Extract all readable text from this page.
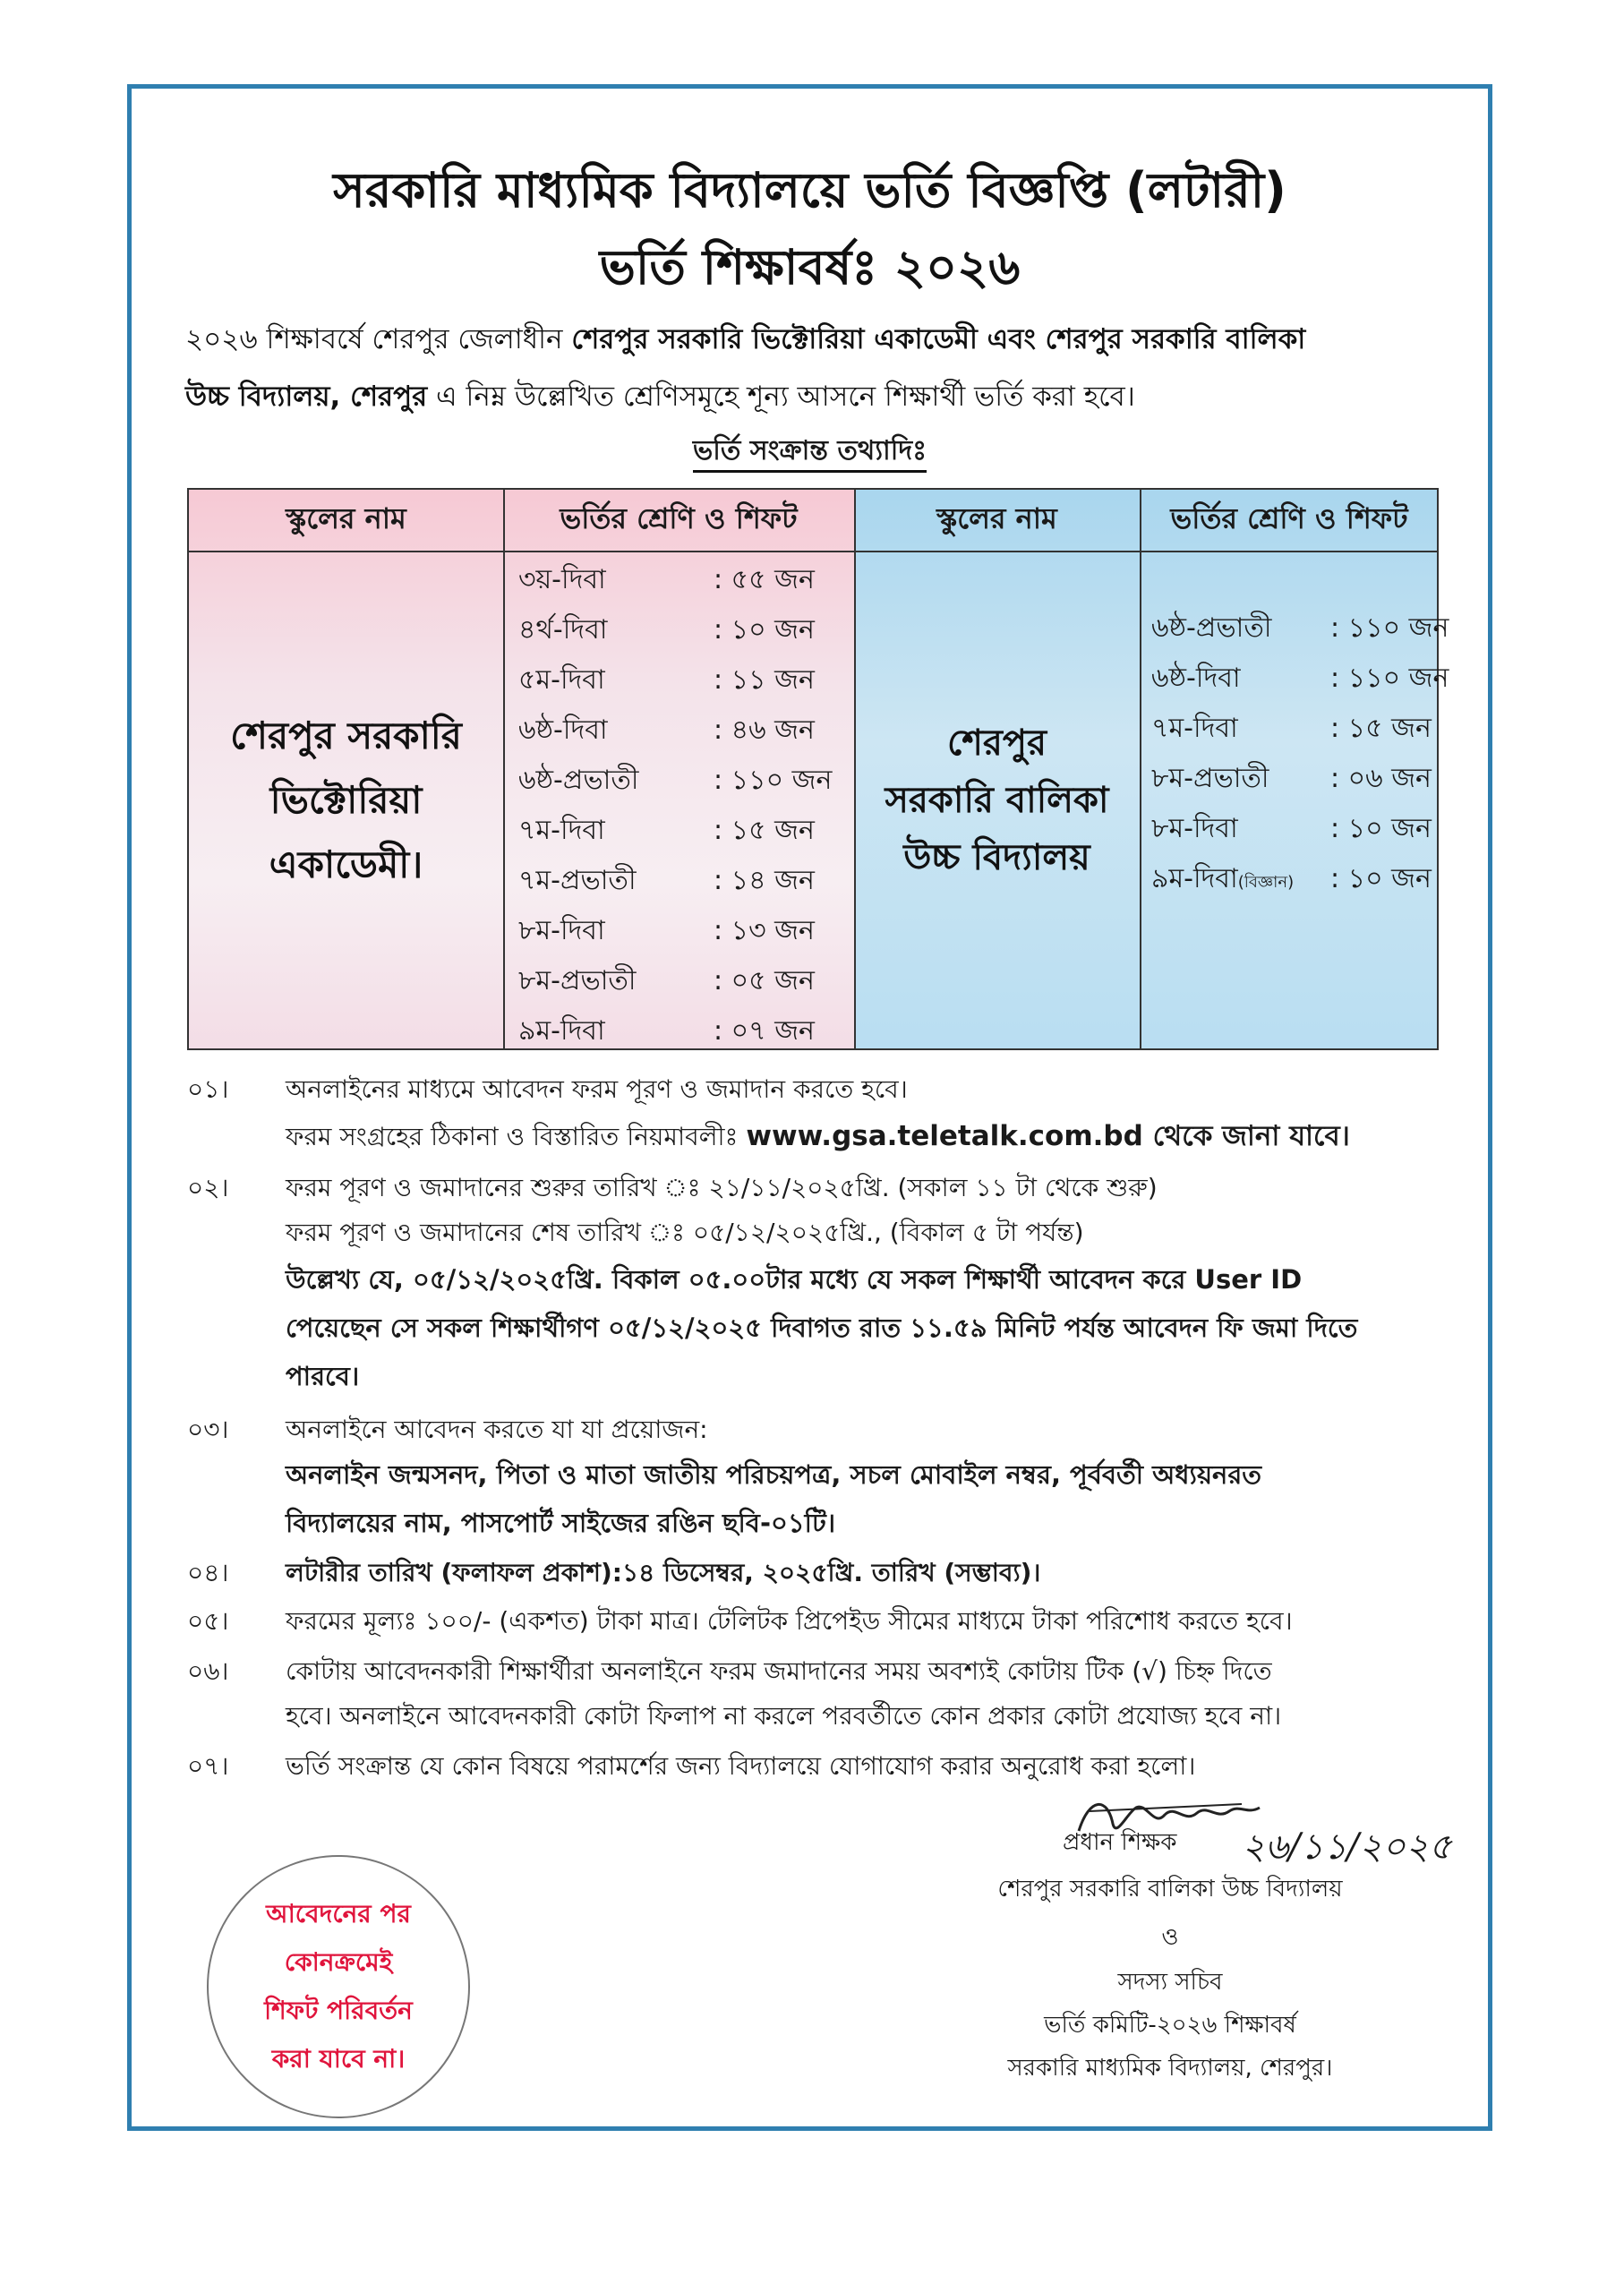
সরকারি মাধ্যমিক বিদ্যালয়ে ভর্তি বিজ্ঞপ্তি (লটারী)
ভর্তি শিক্ষাবর্ষঃ ২০২৬
২০২৬ শিক্ষাবর্ষে শেরপুর জেলাধীন শেরপুর সরকারি ভিক্টোরিয়া একাডেমী এবং শেরপুর সরকারি বালিকা
উচ্চ বিদ্যালয়, শেরপুর এ নিম্ন উল্লেখিত শ্রেণিসমূহে শূন্য আসনে শিক্ষার্থী ভর্তি করা হবে।
ভর্তি সংক্রান্ত তথ্যাদিঃ
স্কুলের নাম	ভর্তির শ্রেণি ও শিফট	স্কুলের নাম	ভর্তির শ্রেণি ও শিফট
শেরপুর সরকারি
ভিক্টোরিয়া
একাডেমী।
৩য়-দিবা	: ৫৫ জন
৪র্থ-দিবা	: ১০ জন
৫ম-দিবা	: ১১ জন
৬ষ্ঠ-দিবা	: ৪৬ জন
৬ষ্ঠ-প্রভাতী	: ১১০ জন
৭ম-দিবা	: ১৫ জন
৭ম-প্রভাতী	: ১৪ জন
৮ম-দিবা	: ১৩ জন
৮ম-প্রভাতী	: ০৫ জন
৯ম-দিবা	: ০৭ জন
শেরপুর
সরকারি বালিকা
উচ্চ বিদ্যালয়
৬ষ্ঠ-প্রভাতী : ১১০ জন
৬ষ্ঠ-দিবা	: ১১০ জন
৭ম-দিবা	: ১৫ জন
৮ম-প্রভাতী : ০৬ জন
৮ম-দিবা	: ১০ জন
৯ম-দিবা(বিজ্ঞান) : ১০ জন
০১। অনলাইনের মাধ্যমে আবেদন ফরম পূরণ ও জমাদান করতে হবে।
ফরম সংগ্রহের ঠিকানা ও বিস্তারিত নিয়মাবলীঃ www.gsa.teletalk.com.bd থেকে জানা যাবে।
০২। ফরম পূরণ ও জমাদানের শুরুর তারিখ ঃ ২১/১১/২০২৫খ্রি. (সকাল ১১ টা থেকে শুরু)
ফরম পূরণ ও জমাদানের শেষ তারিখ ঃ ০৫/১২/২০২৫খ্রি., (বিকাল ৫ টা পর্যন্ত)
উল্লেখ্য যে, ০৫/১২/২০২৫খ্রি. বিকাল ০৫.০০টার মধ্যে যে সকল শিক্ষার্থী আবেদন করে User ID
পেয়েছেন সে সকল শিক্ষার্থীগণ ০৫/১২/২০২৫ দিবাগত রাত ১১.৫৯ মিনিট পর্যন্ত আবেদন ফি জমা দিতে
পারবে।
০৩। অনলাইনে আবেদন করতে যা যা প্রয়োজন:
অনলাইন জন্মসনদ, পিতা ও মাতা জাতীয় পরিচয়পত্র, সচল মোবাইল নম্বর, পূর্ববর্তী অধ্যয়নরত
বিদ্যালয়ের নাম, পাসপোর্ট সাইজের রঙিন ছবি-০১টি।
০৪। লটারীর তারিখ (ফলাফল প্রকাশ):১৪ ডিসেম্বর, ২০২৫খ্রি. তারিখ (সম্ভাব্য)।
০৫। ফরমের মূল্যঃ ১০০/- (একশত) টাকা মাত্র। টেলিটক প্রিপেইড সীমের মাধ্যমে টাকা পরিশোধ করতে হবে।
০৬। কোটায় আবেদনকারী শিক্ষার্থীরা অনলাইনে ফরম জমাদানের সময় অবশ্যই কোটায় টিক (√) চিহ্ন দিতে
হবে। অনলাইনে আবেদনকারী কোটা ফিলাপ না করলে পরবর্তীতে কোন প্রকার কোটা প্রযোজ্য হবে না।
০৭। ভর্তি সংক্রান্ত যে কোন বিষয়ে পরামর্শের জন্য বিদ্যালয়ে যোগাযোগ করার অনুরোধ করা হলো।
২৬/১১/২০২৫
প্রধান শিক্ষক
শেরপুর সরকারি বালিকা উচ্চ বিদ্যালয়
ও
সদস্য সচিব
ভর্তি কমিটি-২০২৬ শিক্ষাবর্ষ
সরকারি মাধ্যমিক বিদ্যালয়, শেরপুর।
আবেদনের পর
কোনক্রমেই
শিফট পরিবর্তন
করা যাবে না।
